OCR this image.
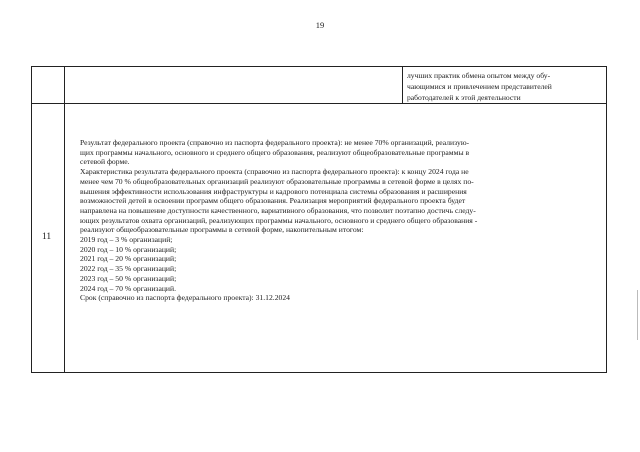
19
лучших практик обмена опытом между обу-
чающимися и привлечением представителей
работодателей к этой деятельности
11
Результат федерального проекта (справочно из паспорта федерального проекта): не менее 70% организаций, реализую-
щих программы начального, основного и среднего общего образования, реализуют общеобразовательные программы в
сетевой форме.
Характеристика результата федерального проекта (справочно из паспорта федерального проекта): к концу 2024 года не
менее чем 70 % общеобразовательных организаций реализуют образовательные программы в сетевой форме в целях по-
вышения эффективности использования инфраструктуры и кадрового потенциала системы образования и расширения
возможностей детей в освоении программ общего образования. Реализация мероприятий федерального проекта будет
направлена на повышение доступности качественного, вариативного образования, что позволит поэтапно достичь следу-
ющих результатов охвата организаций, реализующих программы начального, основного и среднего общего образования -
реализуют общеобразовательные программы в сетевой форме, накопительным итогом:
2019 год – 3 % организаций;
2020 год – 10 % организаций;
2021 год – 20 % организаций;
2022 год – 35 % организаций;
2023 год – 50 % организаций;
2024 год – 70 % организаций.
Срок (справочно из паспорта федерального проекта): 31.12.2024
